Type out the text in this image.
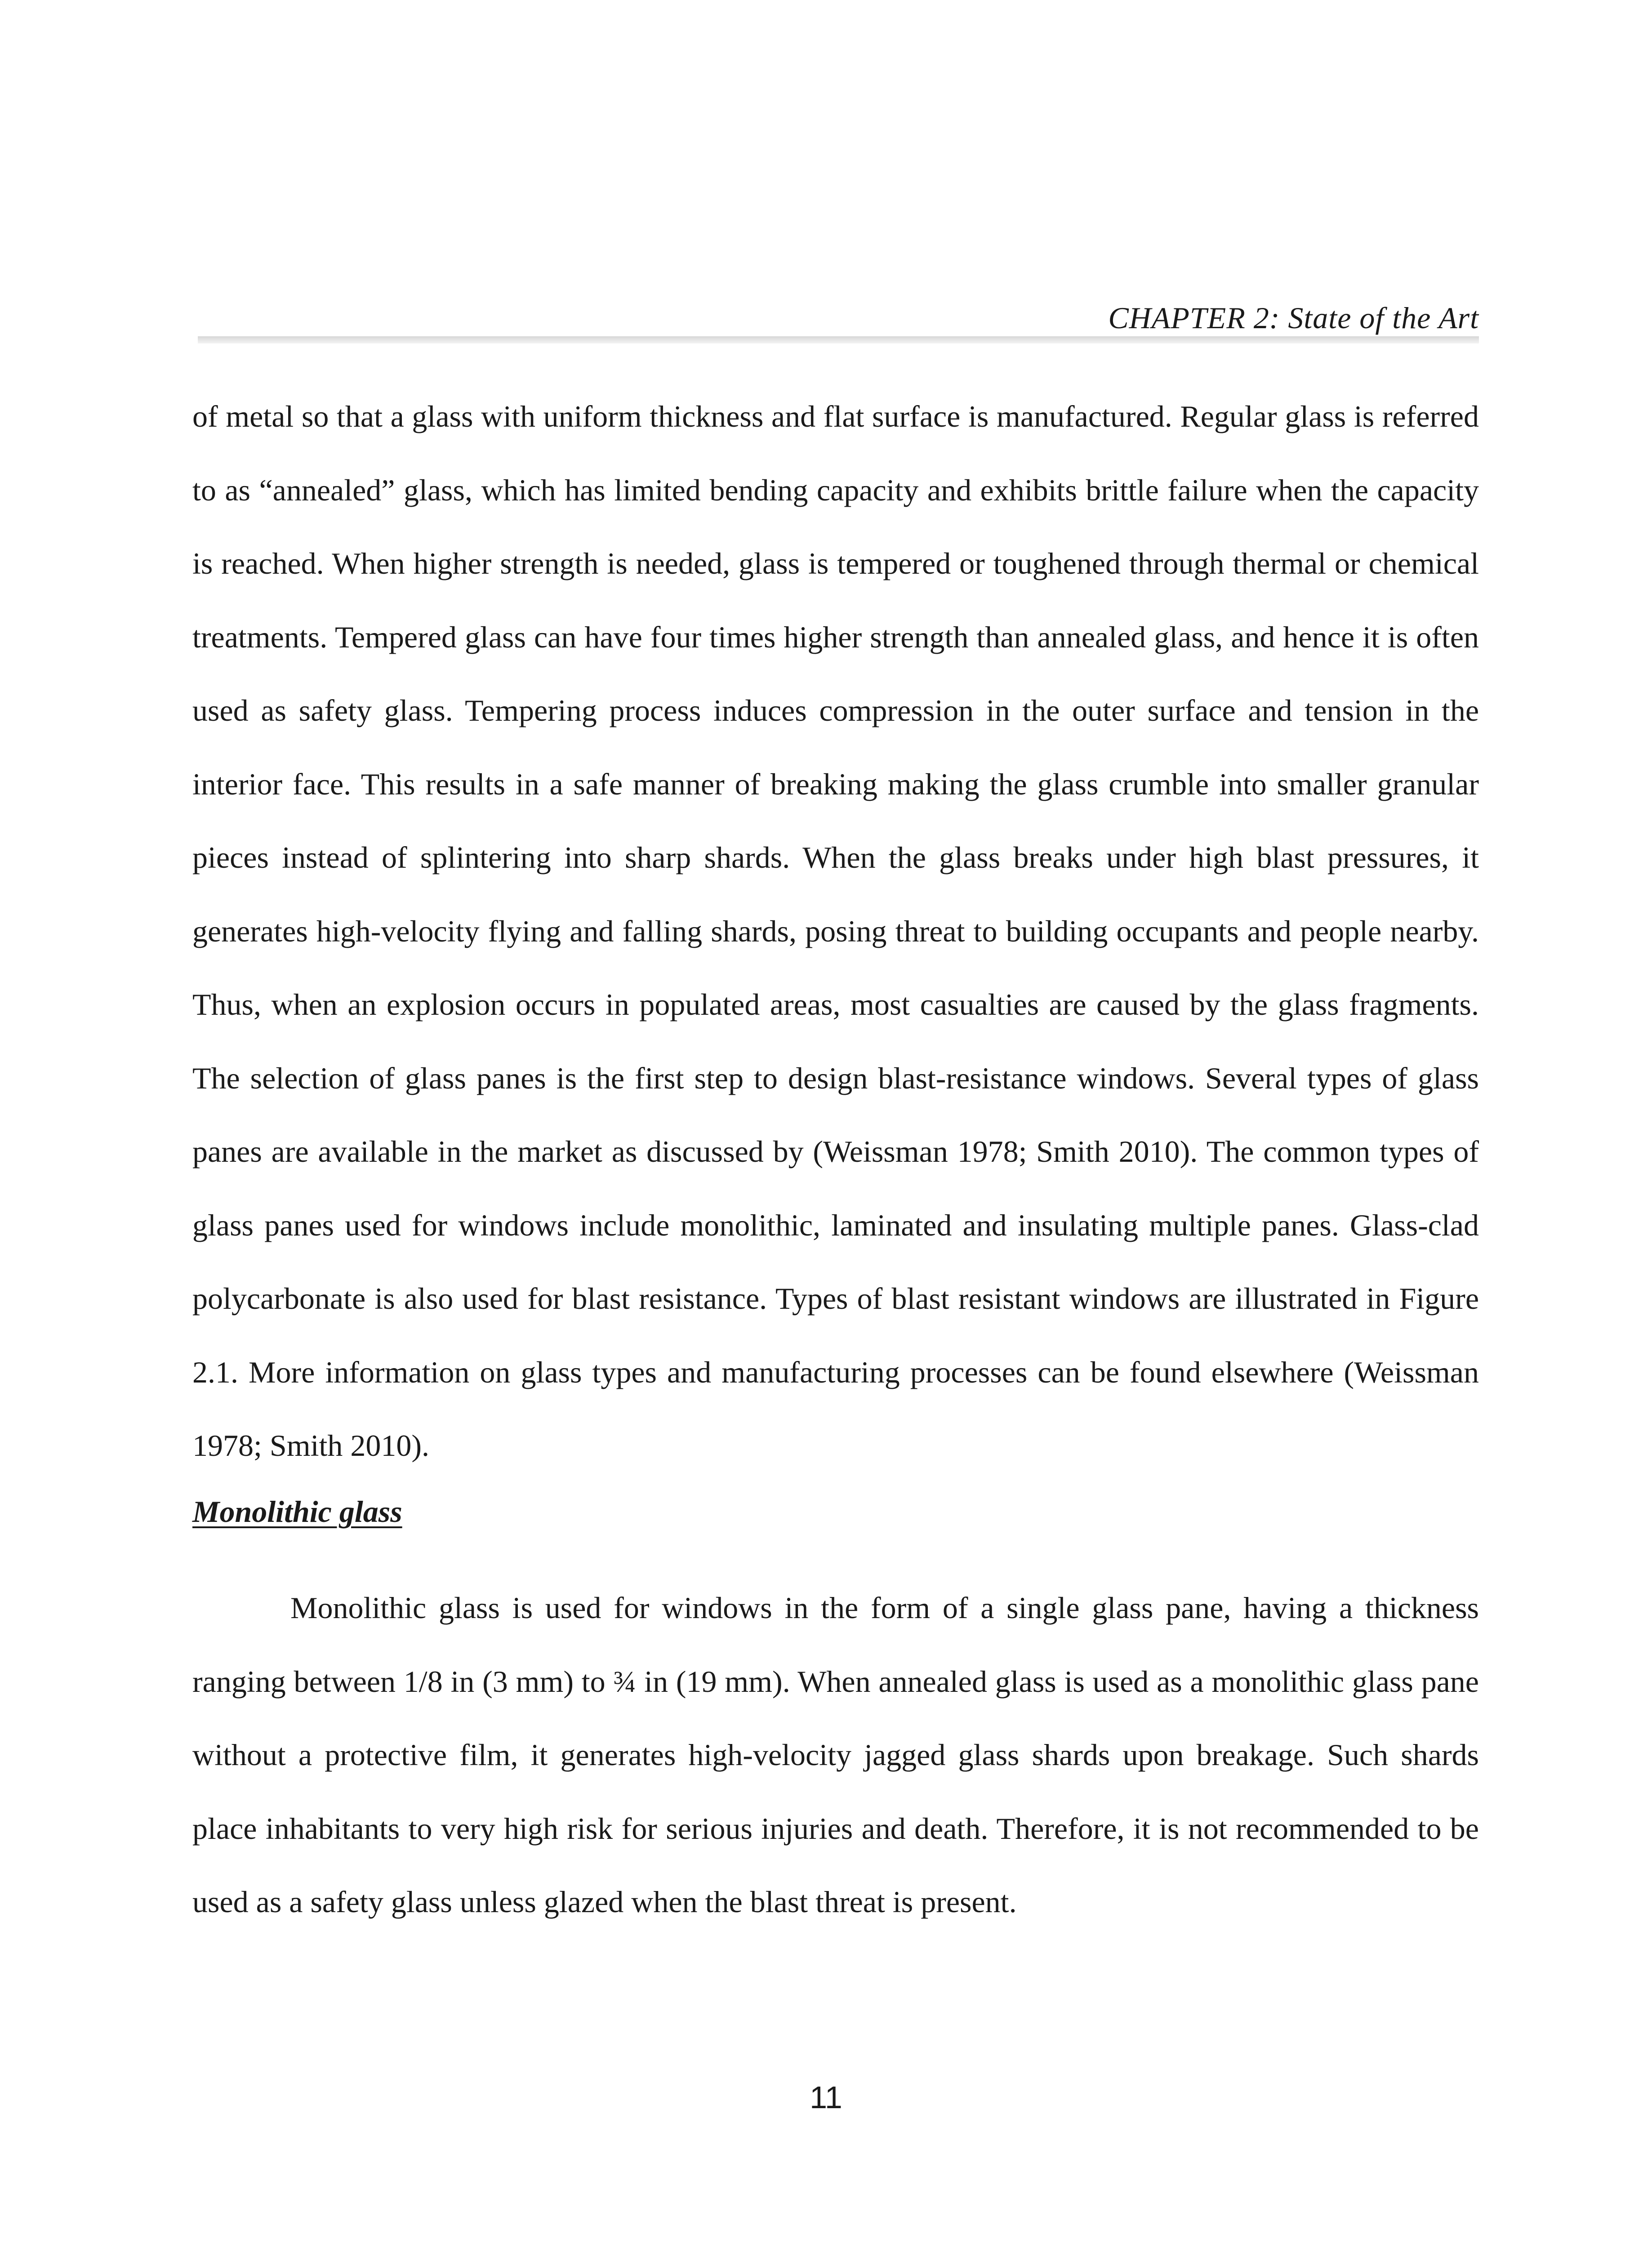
CHAPTER 2: State of the Art

of metal so that a glass with uniform thickness and flat surface is manufactured. Regular glass is referred to as “annealed” glass, which has limited bending capacity and exhibits brittle failure when the capacity is reached. When higher strength is needed, glass is tempered or toughened through thermal or chemical treatments. Tempered glass can have four times higher strength than annealed glass, and hence it is often used as safety glass. Tempering process induces compression in the outer surface and tension in the interior face. This results in a safe manner of breaking making the glass crumble into smaller granular pieces instead of splintering into sharp shards. When the glass breaks under high blast pressures, it generates high-velocity flying and falling shards, posing threat to building occupants and people nearby. Thus, when an explosion occurs in populated areas, most casualties are caused by the glass fragments. The selection of glass panes is the first step to design blast-resistance windows. Several types of glass panes are available in the market as discussed by (Weissman 1978; Smith 2010). The common types of glass panes used for windows include monolithic, laminated and insulating multiple panes. Glass-clad polycarbonate is also used for blast resistance. Types of blast resistant windows are illustrated in Figure 2.1. More information on glass types and manufacturing processes can be found elsewhere (Weissman 1978; Smith 2010).

Monolithic glass

Monolithic glass is used for windows in the form of a single glass pane, having a thickness ranging between 1/8 in (3 mm) to ¾ in (19 mm). When annealed glass is used as a monolithic glass pane without a protective film, it generates high-velocity jagged glass shards upon breakage. Such shards place inhabitants to very high risk for serious injuries and death. Therefore, it is not recommended to be used as a safety glass unless glazed when the blast threat is present.

11
